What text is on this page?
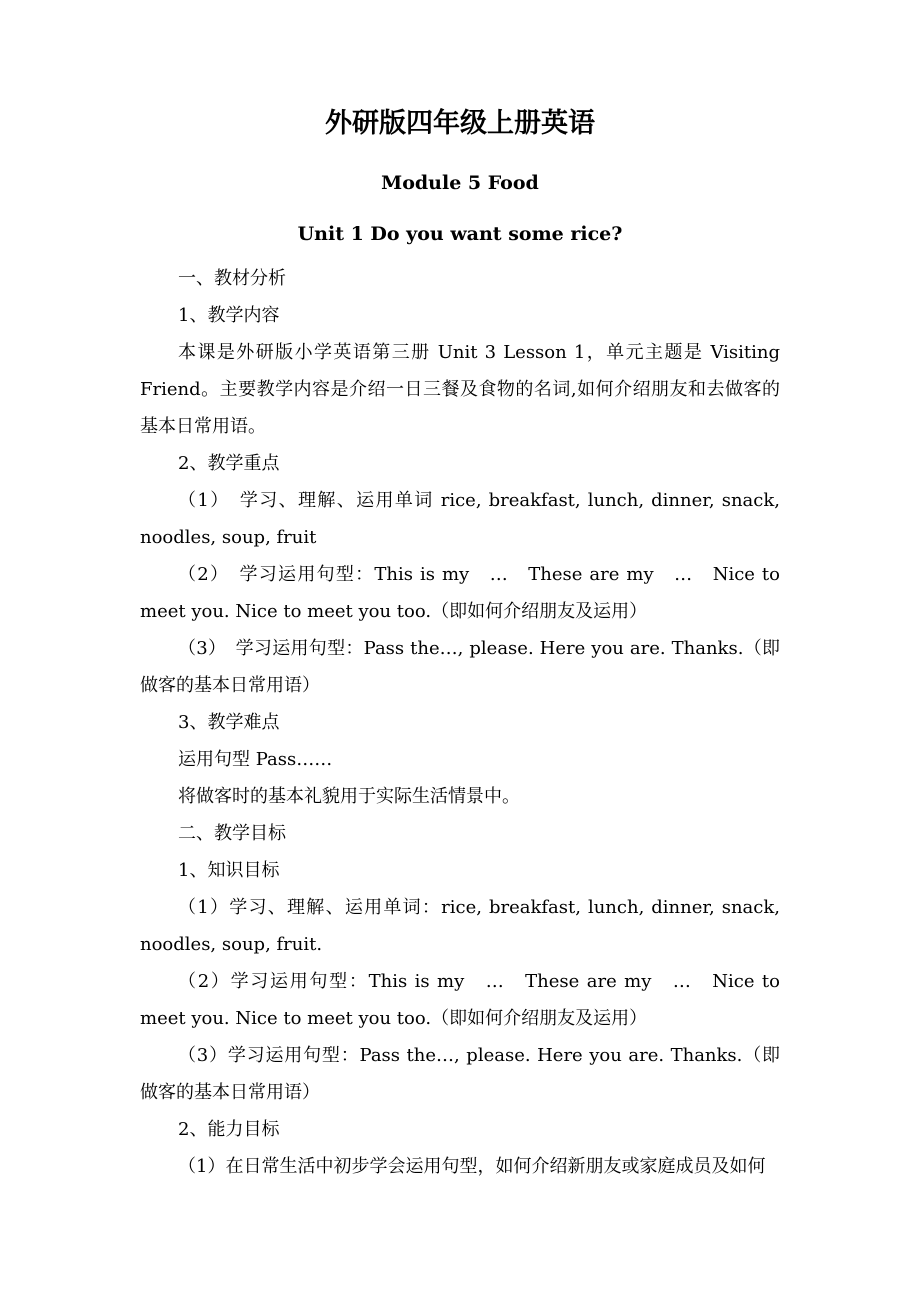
外研版四年级上册英语
Module 5 Food
Unit 1 Do you want some rice?

一、教材分析

1、教学内容

本课是外研版小学英语第三册 Unit 3 Lesson 1，单元主题是 Visiting Friend。主要教学内容是介绍一日三餐及食物的名词,如何介绍朋友和去做客的基本日常用语。

2、教学重点

（1）　学习、理解、运用单词 rice, breakfast, lunch, dinner, snack, noodles, soup, fruit

（2）　学习运用句型：This is my　…　These are my　…　Nice to meet you. Nice to meet you too.（即如何介绍朋友及运用）

（3）　学习运用句型：Pass the…, please. Here you are. Thanks.（即做客的基本日常用语）

3、教学难点

运用句型 Pass……

将做客时的基本礼貌用于实际生活情景中。

二、教学目标

1、知识目标

（1）学习、理解、运用单词：rice, breakfast, lunch, dinner, snack, noodles, soup, fruit.

（2）学习运用句型：This is my　…　These are my　…　Nice to meet you. Nice to meet you too.（即如何介绍朋友及运用）

（3）学习运用句型：Pass the…, please. Here you are. Thanks.（即做客的基本日常用语）

2、能力目标

（1）在日常生活中初步学会运用句型，如何介绍新朋友或家庭成员及如何
